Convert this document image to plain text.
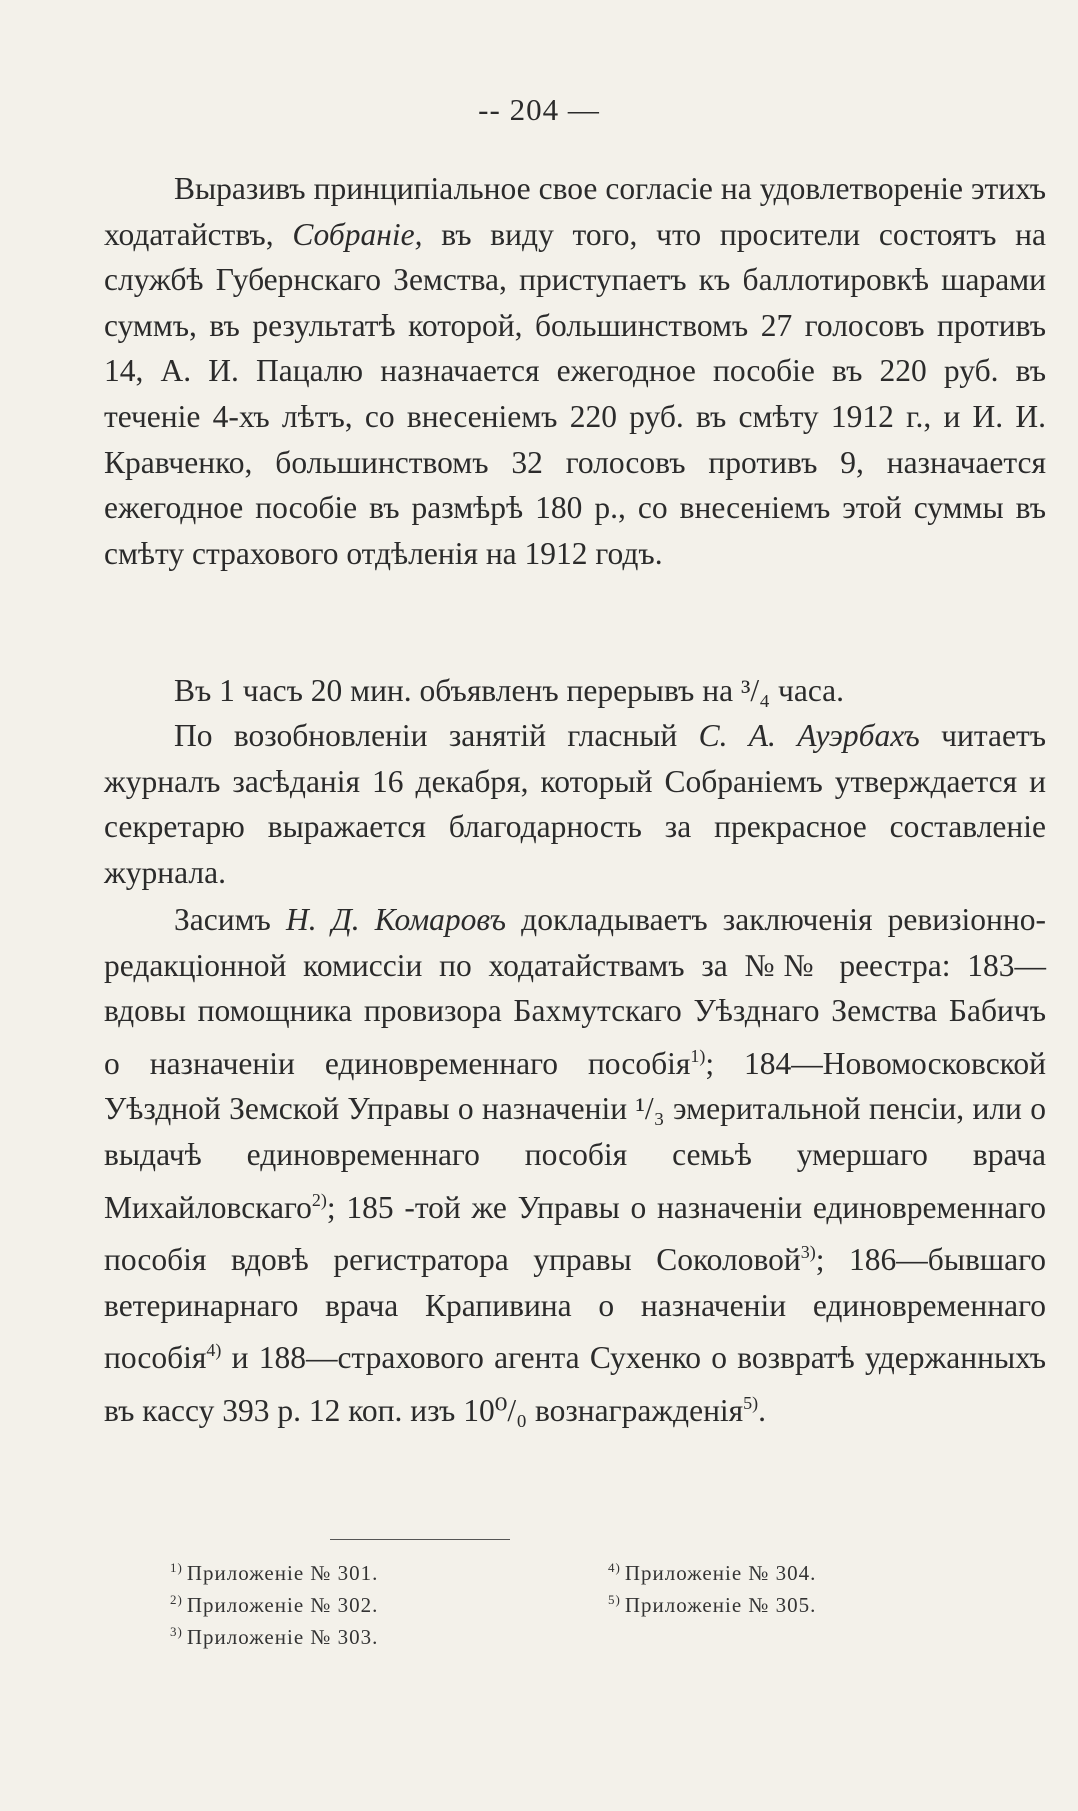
-- 204 —

Выразивъ принципіальное свое согласіе на удовлетвореніе этихъ ходатайствъ, Собраніе, въ виду того, что просители состоятъ на службѣ Губернскаго Земства, приступаетъ къ баллотировкѣ шарами суммъ, въ результатѣ которой, большинствомъ 27 голосовъ противъ 14, А. И. Пацалю назначается ежегодное пособіе въ 220 руб. въ теченіе 4-хъ лѣтъ, со внесеніемъ 220 руб. въ смѣту 1912 г., и И. И. Кравченко, большинствомъ 32 голосовъ противъ 9, назначается ежегодное пособіе въ размѣрѣ 180 р., со внесеніемъ этой суммы въ смѣту страхового отдѣленія на 1912 годъ.

Въ 1 часъ 20 мин. объявленъ перерывъ на ³/₄ часа.

По возобновленіи занятій гласный С. А. Ауэрбахъ читаетъ журналъ засѣданія 16 декабря, который Собраніемъ утверждается и секретарю выражается благодарность за прекрасное составленіе журнала.

Засимъ Н. Д. Комаровъ докладываетъ заключенія ревизіонно-редакціонной комиссіи по ходатайствамъ за №№ реестра: 183—вдовы помощника провизора Бахмутскаго Уѣзднаго Земства Бабичъ о назначеніи единовременнаго пособія$^{1)}$; 184—Новомосковской Уѣздной Земской Управы о назначеніи ¹/₃ эмеритальной пенсіи, или о выдачѣ единовременнаго пособія семьѣ умершаго врача Михайловскаго$^{2)}$; 185 -той же Управы о назначеніи единовременнаго пособія вдовѣ регистратора управы Соколовой$^{3)}$; 186—бывшаго ветеринарнаго врача Крапивина о назначеніи единовременнаго пособія$^{4)}$ и 188—страхового агента Сухенко о возвратѣ удержанныхъ въ кассу 393 р. 12 коп. изъ 10⁰/₀ вознагражденія$^{5)}$.

$^{1)}$ Приложеніе № 301.
$^{2)}$ Приложеніе № 302.
$^{3)}$ Приложеніе № 303.
$^{4)}$ Приложеніе № 304.
$^{5)}$ Приложеніе № 305.
